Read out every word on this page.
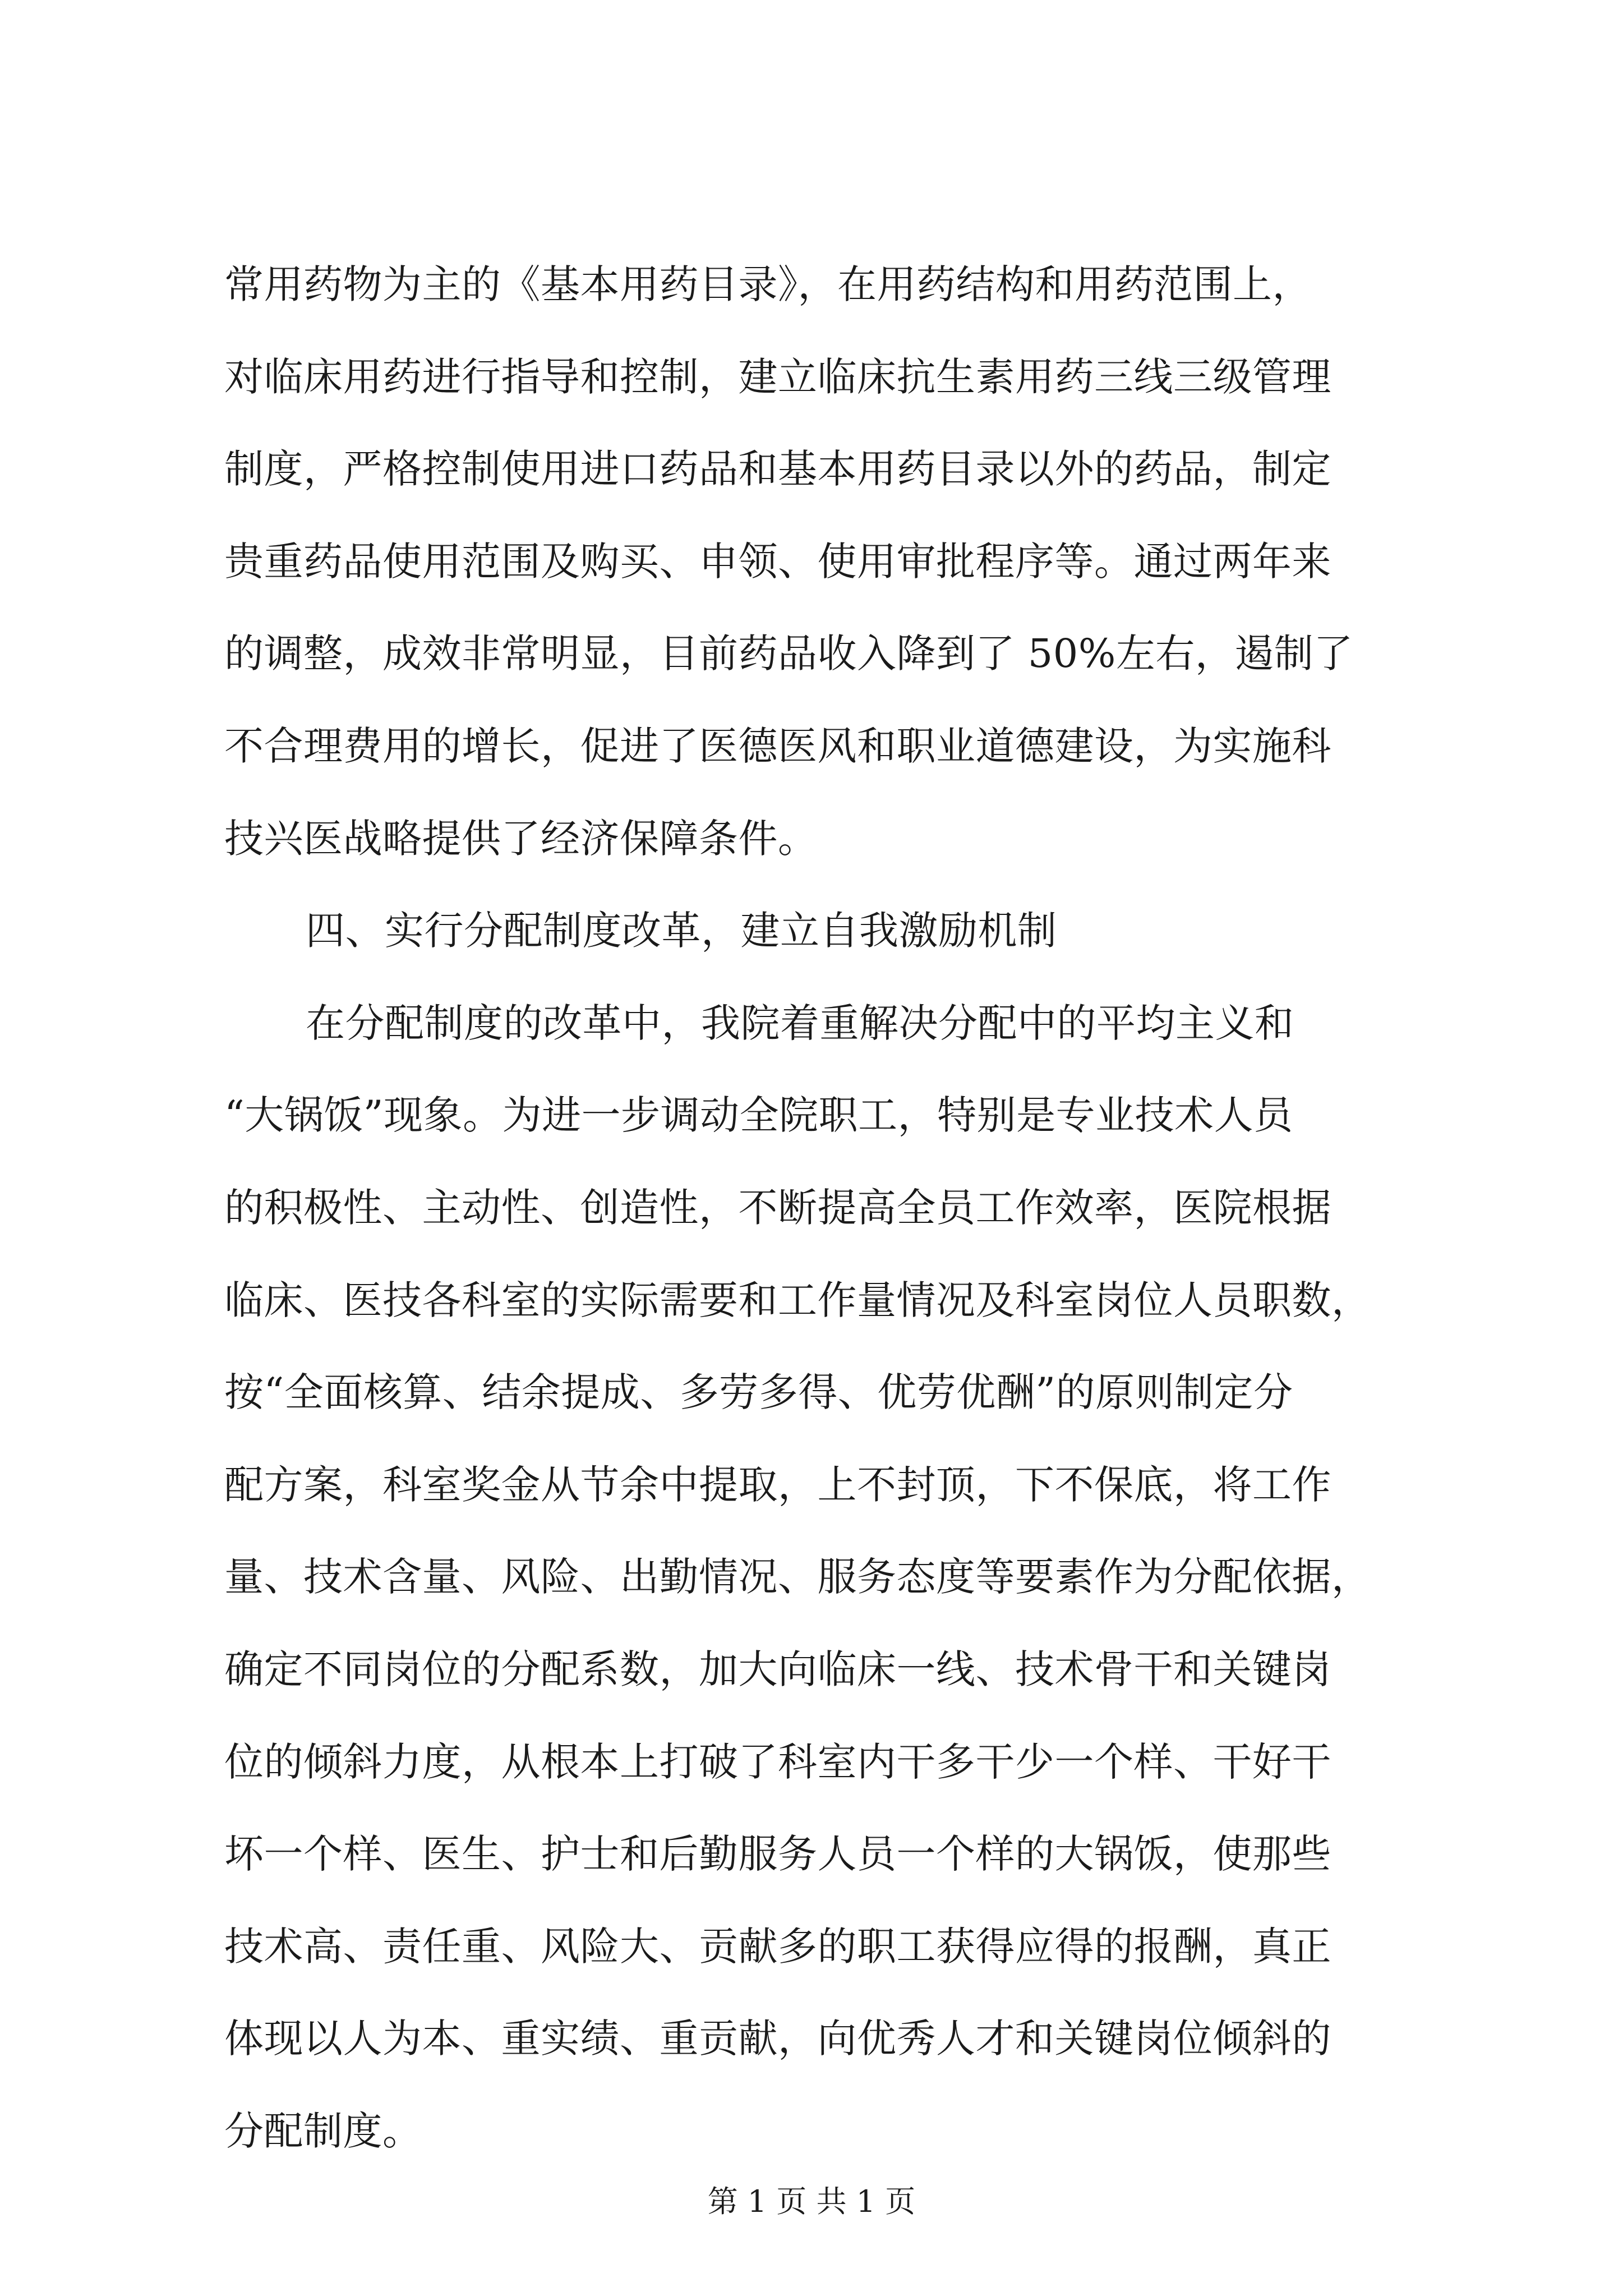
常用药物为主的《基本用药目录》，在用药结构和用药范围上，
对临床用药进行指导和控制，建立临床抗生素用药三线三级管理
制度，严格控制使用进口药品和基本用药目录以外的药品，制定
贵重药品使用范围及购买、申领、使用审批程序等。通过两年来
的调整，成效非常明显，目前药品收入降到了 50%左右，遏制了
不合理费用的增长，促进了医德医风和职业道德建设，为实施科
技兴医战略提供了经济保障条件。
四、实行分配制度改革，建立自我激励机制
在分配制度的改革中，我院着重解决分配中的平均主义和
“大锅饭”现象。为进一步调动全院职工，特别是专业技术人员
的积极性、主动性、创造性，不断提高全员工作效率，医院根据
临床、医技各科室的实际需要和工作量情况及科室岗位人员职数，
按“全面核算、结余提成、多劳多得、优劳优酬”的原则制定分
配方案，科室奖金从节余中提取，上不封顶，下不保底，将工作
量、技术含量、风险、出勤情况、服务态度等要素作为分配依据，
确定不同岗位的分配系数，加大向临床一线、技术骨干和关键岗
位的倾斜力度，从根本上打破了科室内干多干少一个样、干好干
坏一个样、医生、护士和后勤服务人员一个样的大锅饭，使那些
技术高、责任重、风险大、贡献多的职工获得应得的报酬，真正
体现以人为本、重实绩、重贡献，向优秀人才和关键岗位倾斜的
分配制度。
第 1 页 共 1 页
